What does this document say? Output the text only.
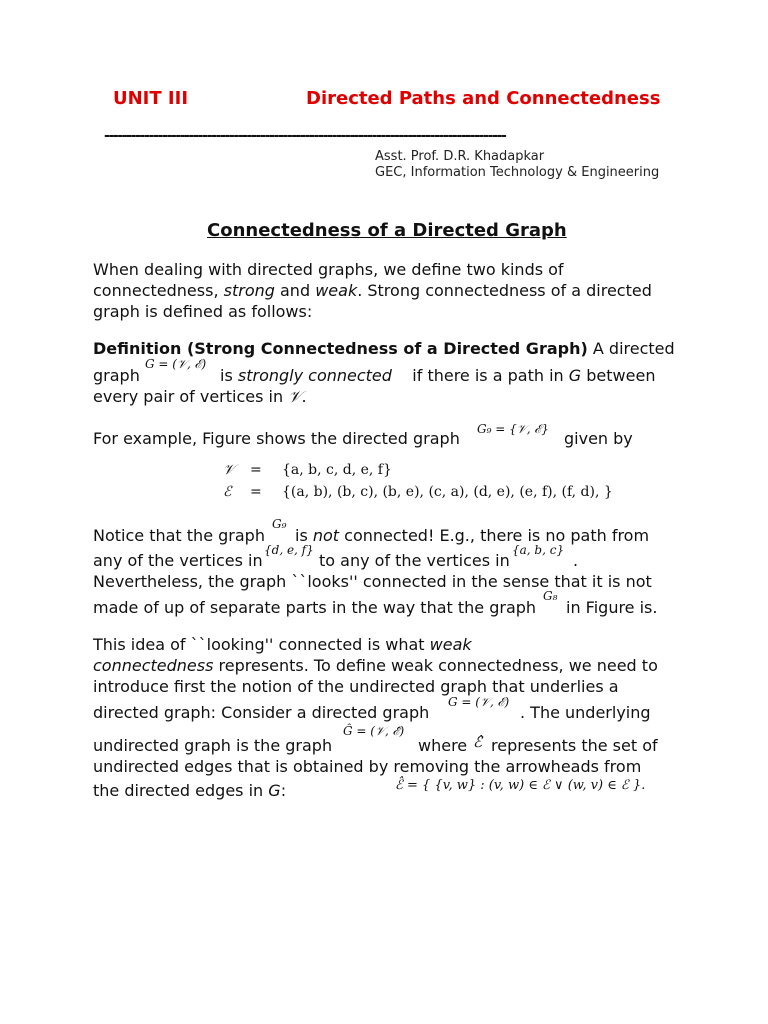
UNIT III	Directed Paths and Connectedness
------------------------------------------------------------------------------------------
Asst. Prof. D.R. Khadapkar
GEC, Information Technology & Engineering
Connectedness of a Directed Graph
When dealing with directed graphs, we define two kinds of
connectedness, strong and weak. Strong connectedness of a directed
graph is defined as follows:
Definition (Strong Connectedness of a Directed Graph) A directed
graph
G = (𝒱, ℰ)
is strongly connected if there is a path in G between
every pair of vertices in 𝒱.
For example, Figure shows the directed graph G₉ = {𝒱, ℰ} given by
𝒱 = {a, b, c, d, e, f}
ℰ = {(a, b), (b, c), (b, e), (c, a), (d, e), (e, f), (f, d), }
Notice that the graph
G₉
is not connected! E.g., there is no path from
any of the vertices in
{d, e, f}
to any of the vertices in
{a, b, c}
.
Nevertheless, the graph ``looks'' connected in the sense that it is not
made of up of separate parts in the way that the graph
G₈
in Figure is.
This idea of ``looking'' connected is what weak
connectedness represents. To define weak connectedness, we need to
introduce first the notion of the undirected graph that underlies a
directed graph: Consider a directed graph
G = (𝒱, ℰ)
. The underlying
undirected graph is the graph
Ĝ = (𝒱, ℰ̂)
where ℰ̂ represents the set of
undirected edges that is obtained by removing the arrowheads from
the directed edges in G:	ℰ̂ = { {v, w} : (v, w) ∈ ℰ ∨ (w, v) ∈ ℰ }.
